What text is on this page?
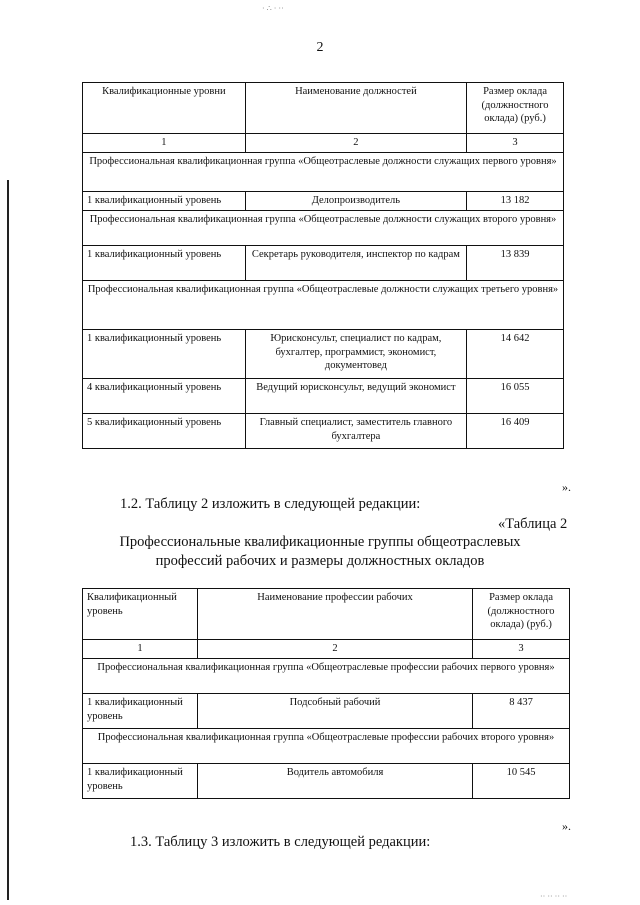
· ∴ · ··
2
Квалификационные уровни	Наименование должностей	Размер оклада (должностного оклада) (руб.)
1	2	3
Профессиональная квалификационная группа «Общеотраслевые должности служащих первого уровня»		
1 квалификационный уровень	Делопроизводитель	13 182
Профессиональная квалификационная группа «Общеотраслевые должности служащих второго уровня»		
1 квалификационный уровень	Секретарь руководителя, инспектор по кадрам	13 839
Профессиональная квалификационная группа «Общеотраслевые должности служащих третьего уровня»		
1 квалификационный уровень	Юрисконсульт, специалист по кадрам, бухгалтер, программист, экономист, документовед	14 642
4 квалификационный уровень	Ведущий юрисконсульт, ведущий экономист	16 055
5 квалификационный уровень	Главный специалист, заместитель главного бухгалтера	16 409
».
1.2. Таблицу 2 изложить в следующей редакции:
«Таблица 2
Профессиональные квалификационные группы общеотраслевых
профессий рабочих и размеры должностных окладов
Квалификационный уровень	Наименование профессии рабочих	Размер оклада (должностного оклада) (руб.)
1	2	3
Профессиональная квалификационная группа «Общеотраслевые профессии рабочих первого уровня»		
1 квалификационный уровень	Подсобный рабочий	8 437
Профессиональная квалификационная группа «Общеотраслевые профессии рабочих второго уровня»		
1 квалификационный уровень	Водитель автомобиля	10 545
».
1.3. Таблицу 3 изложить в следующей редакции:
·· ·· ·· ··
